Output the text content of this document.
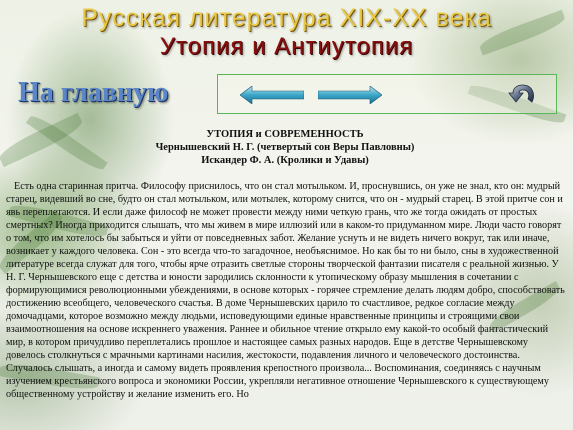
Русская литература XIX-XX века
Утопия и Антиутопия
На главную
УТОПИЯ и СОВРЕМЕННОСТЬ
Чернышевский Н. Г. (четвертый сон Веры Павловны)
Искандер Ф. А. (Кролики и Удавы)
Есть одна старинная притча. Философу приснилось, что он стал мотыльком. И, проснувшись, он уже не знал, кто он: мудрый старец, видевший во сне, будто он стал мотыльком, или мотылек, которому снится, что он - мудрый старец. В этой притче сон и явь переплетаются. И если даже философ не может провести между ними четкую грань, что же тогда ожидать от простых смертных? Иногда приходится слышать, что мы живем в мире иллюзий или в каком-то придуманном мире. Люди часто говорят о том, что им хотелось бы забыться и уйти от повседневных забот. Желание уснуть и не видеть ничего вокруг, так или иначе, возникает у каждого человека. Сон - это всегда что-то загадочное, необъяснимое. Но как бы то ни было, сны в художественной литературе всегда служат для того, чтобы ярче отразить светлые стороны творческой фантазии писателя с реальной жизнью. У Н. Г. Чернышевского еще с детства и юности зародились склонности к утопическому образу мышления в сочетании с формирующимися революционными убеждениями, в основе которых - горячее стремление делать людям добро, способствовать достижению всеобщего, человеческого счастья. В доме Чернышевских царило то счастливое, редкое согласие между домочадцами, которое возможно между людьми, исповедующими единые нравственные принципы и строящими свои взаимоотношения на основе искреннего уважения. Раннее и обильное чтение открыло ему какой-то особый фантастический мир, в котором причудливо переплетались прошлое и настоящее самых разных народов. Еще в детстве Чернышевскому довелось столкнуться с мрачными картинами насилия, жестокости, подавления личного и человеческого достоинства. Случалось слышать, а иногда и самому видеть проявления крепостного произвола... Воспоминания, соединяясь с научным изучением крестьянского вопроса и экономики России, укрепляли негативное отношение Чернышевского к существующему общественному устройству и желание изменить его. Но
